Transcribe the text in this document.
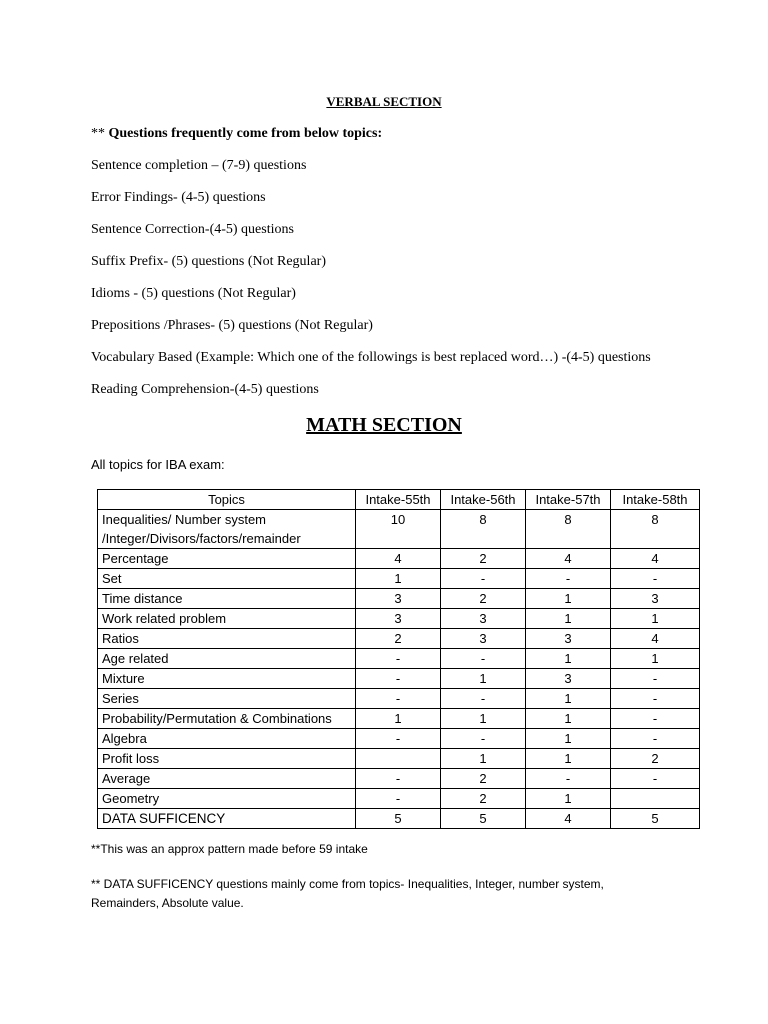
VERBAL SECTION
** Questions frequently come from below topics:
Sentence completion – (7-9) questions
Error Findings- (4-5) questions
Sentence Correction-(4-5) questions
Suffix Prefix- (5) questions (Not Regular)
Idioms - (5) questions (Not Regular)
Prepositions /Phrases- (5) questions (Not Regular)
Vocabulary Based (Example: Which one of the followings is best replaced word…) -(4-5) questions
Reading Comprehension-(4-5) questions
MATH SECTION
All topics for IBA exam:
Topics	Intake-55th	Intake-56th	Intake-57th	Intake-58th
Inequalities/ Number system /Integer/Divisors/factors/remainder	10	8	8	8
Percentage	4	2	4	4
Set	1	-	-	-
Time distance	3	2	1	3
Work related problem	3	3	1	1
Ratios	2	3	3	4
Age related	-	-	1	1
Mixture	-	1	3	-
Series	-	-	1	-
Probability/Permutation & Combinations	1	1	1	-
Algebra	-	-	1	-
Profit loss		1	1	2
Average	-	2	-	-
Geometry	-	2	1	
DATA SUFFICENCY	5	5	4	5
**This was an approx pattern made before 59 intake
** DATA SUFFICENCY questions mainly come from topics- Inequalities, Integer, number system, Remainders, Absolute value.
